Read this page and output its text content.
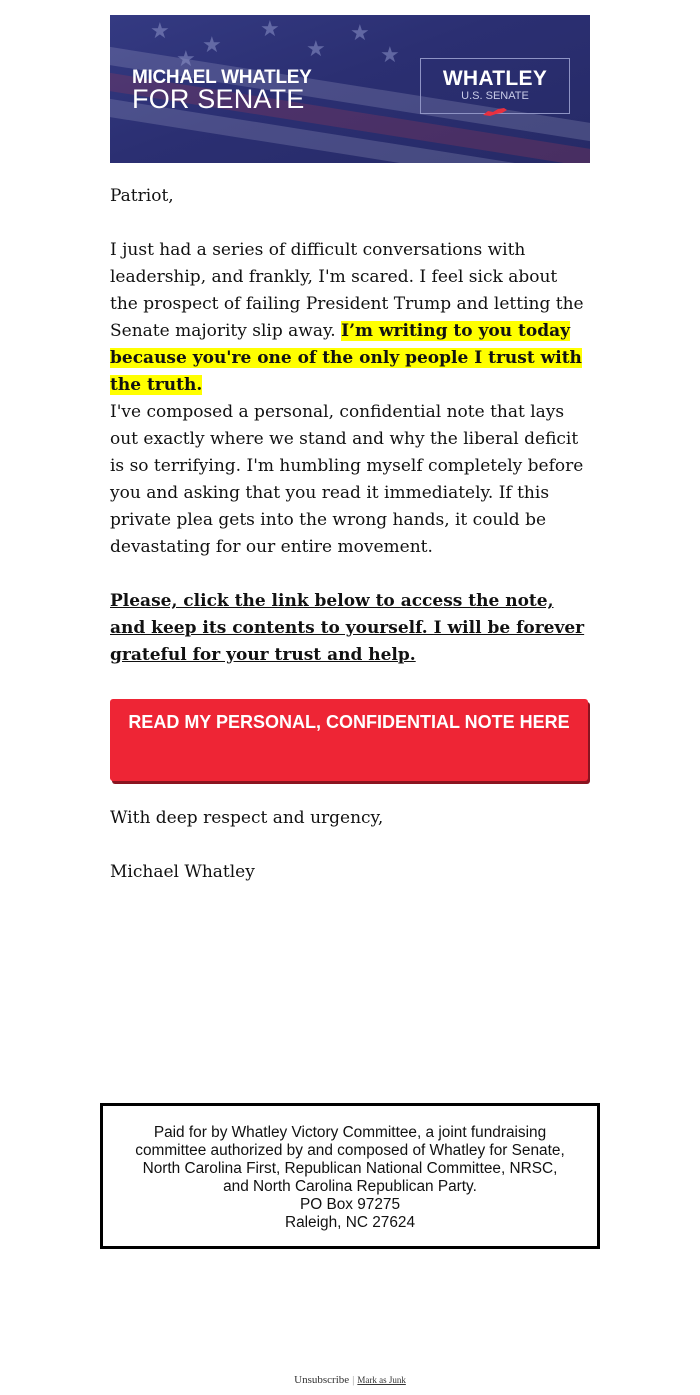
★
★
★
★
★
★	★
MICHAEL WHATLEY
FOR SENATE
WHATLEY
U.S. SENATE

Patriot,

I just had a series of difficult conversations with leadership, and frankly, I'm scared. I feel sick about the prospect of failing President Trump and letting the Senate majority slip away. I’m writing to you today because you're one of the only people I trust with the truth.

I've composed a personal, confidential note that lays out exactly where we stand and why the liberal deficit is so terrifying. I'm humbling myself completely before you and asking that you read it immediately. If this private plea gets into the wrong hands, it could be devastating for our entire movement.

Please, click the link below to access the note, and keep its contents to yourself. I will be forever grateful for your trust and help.

READ MY PERSONAL, CONFIDENTIAL NOTE HERE

With deep respect and urgency,

Michael Whatley

Paid for by Whatley Victory Committee, a joint fundraising
committee authorized by and composed of Whatley for Senate,
North Carolina First, Republican National Committee, NRSC,
and North Carolina Republican Party.
PO Box 97275
Raleigh, NC 27624
Unsubscribe | Mark as Junk
